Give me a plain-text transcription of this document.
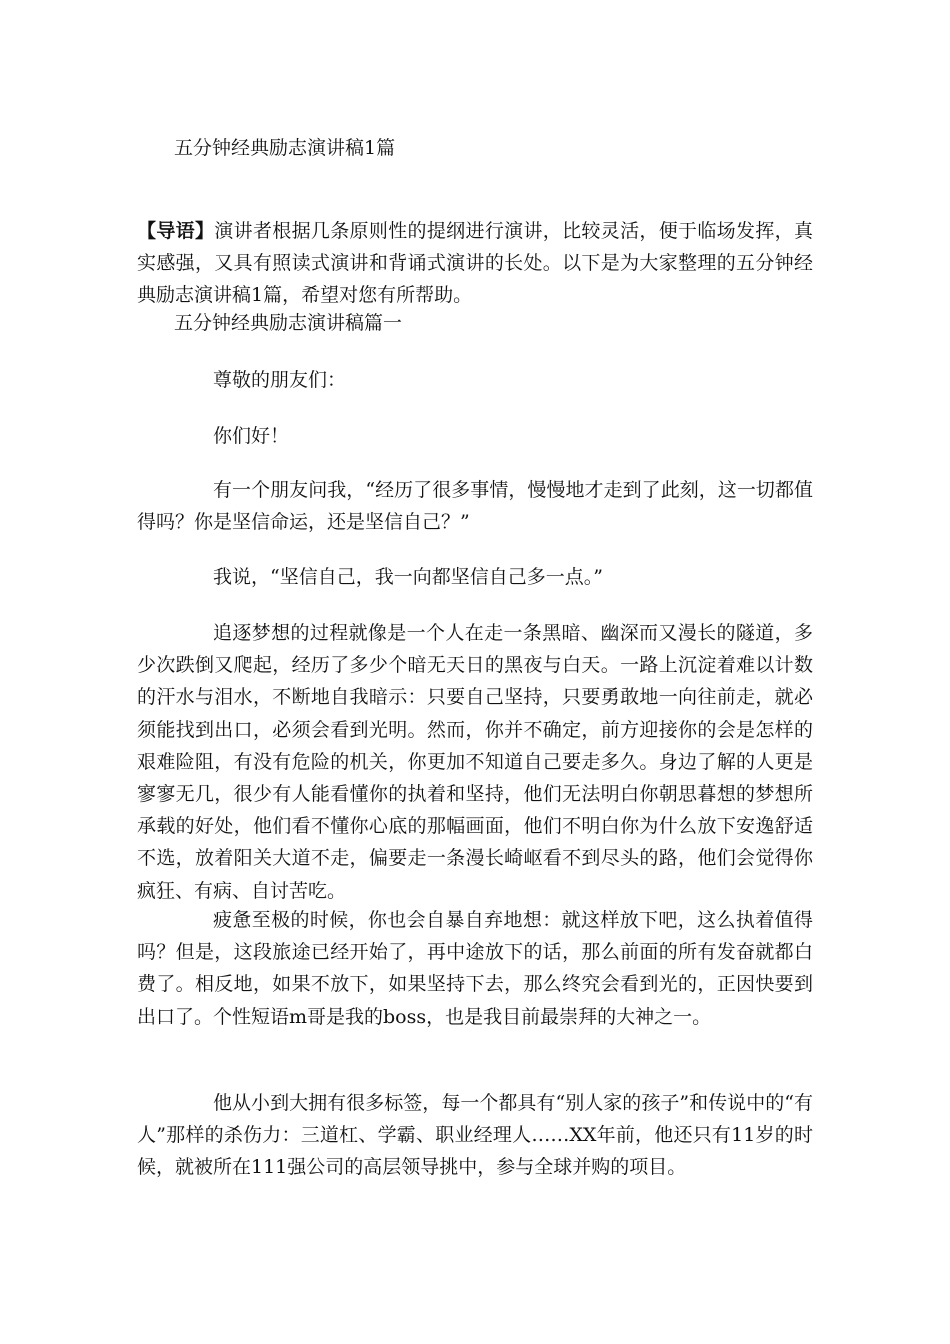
五分钟经典励志演讲稿1篇

【导语】演讲者根据几条原则性的提纲进行演讲，比较灵活，便于临场发挥，真实感强，又具有照读式演讲和背诵式演讲的长处。以下是为大家整理的五分钟经典励志演讲稿1篇，希望对您有所帮助。

五分钟经典励志演讲稿篇一

尊敬的朋友们：

你们好！

有一个朋友问我，“经历了很多事情，慢慢地才走到了此刻，这一切都值得吗？你是坚信命运，还是坚信自己？”

我说，“坚信自己，我一向都坚信自己多一点。”

追逐梦想的过程就像是一个人在走一条黑暗、幽深而又漫长的隧道，多少次跌倒又爬起，经历了多少个暗无天日的黑夜与白天。一路上沉淀着难以计数的汗水与泪水，不断地自我暗示：只要自己坚持，只要勇敢地一向往前走，就必须能找到出口，必须会看到光明。然而，你并不确定，前方迎接你的会是怎样的艰难险阻，有没有危险的机关，你更加不知道自己要走多久。身边了解的人更是寥寥无几，很少有人能看懂你的执着和坚持，他们无法明白你朝思暮想的梦想所承载的好处，他们看不懂你心底的那幅画面，他们不明白你为什么放下安逸舒适不选，放着阳关大道不走，偏要走一条漫长崎岖看不到尽头的路，他们会觉得你疯狂、有病、自讨苦吃。

疲惫至极的时候，你也会自暴自弃地想：就这样放下吧，这么执着值得吗？但是，这段旅途已经开始了，再中途放下的话，那么前面的所有发奋就都白费了。相反地，如果不放下，如果坚持下去，那么终究会看到光的，正因快要到出口了。个性短语m哥是我的boss，也是我目前最崇拜的大神之一。

他从小到大拥有很多标签，每一个都具有“别人家的孩子”和传说中的“有人”那样的杀伤力：三道杠、学霸、职业经理人……XX年前，他还只有11岁的时候，就被所在111强公司的高层领导挑中，参与全球并购的项目。
